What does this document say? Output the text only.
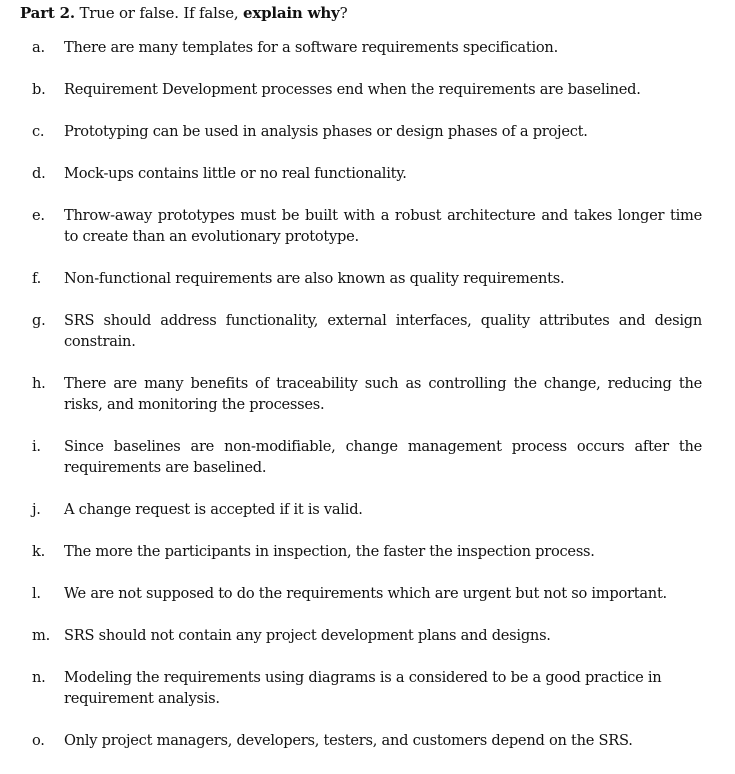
Part 2. True or false. If false, explain why?
a.	There are many templates for a software requirements specification.
b.	Requirement Development processes end when the requirements are baselined.
c.	Prototyping can be used in analysis phases or design phases of a project.
d.	Mock-ups contains little or no real functionality.
e.	Throw-away prototypes must be built with a robust architecture and takes longer time to create than an evolutionary prototype.
f.	Non-functional requirements are also known as quality requirements.
g.	SRS should address functionality, external interfaces, quality attributes and design constrain.
h.	There are many benefits of traceability such as controlling the change, reducing the risks, and monitoring the processes.
i.	Since baselines are non-modifiable, change management process occurs after the requirements are baselined.
j.	A change request is accepted if it is valid.
k.	The more the participants in inspection, the faster the inspection process.
l.	We are not supposed to do the requirements which are urgent but not so important.
m. SRS should not contain any project development plans and designs.
n.	Modeling the requirements using diagrams is a considered to be a good practice in requirement analysis.
o.	Only project managers, developers, testers, and customers depend on the SRS.
